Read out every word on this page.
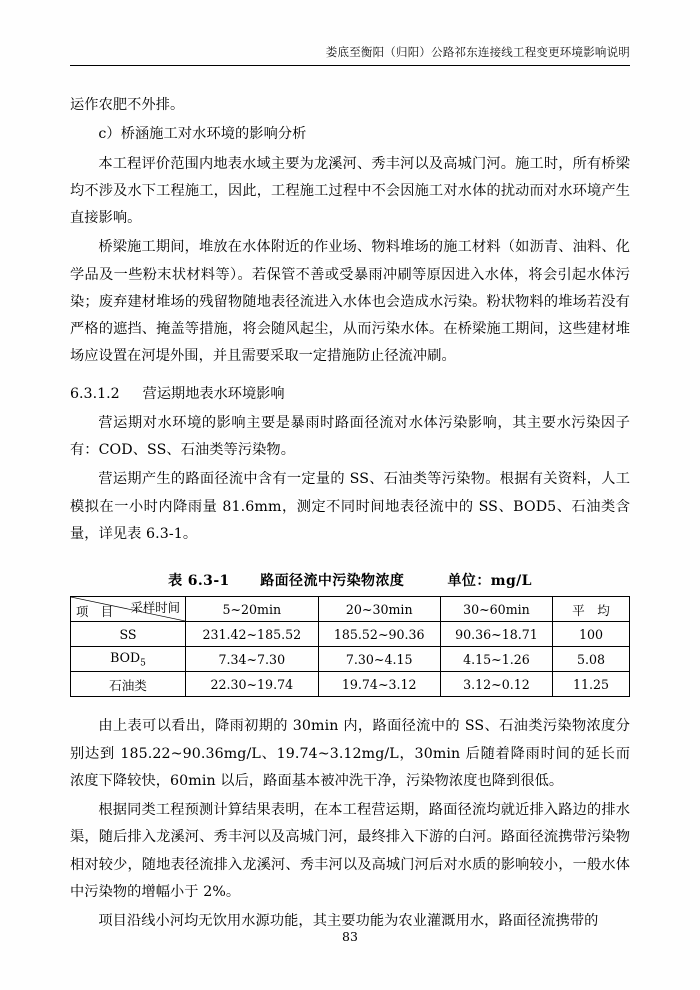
娄底至衡阳（归阳）公路祁东连接线工程变更环境影响说明

运作农肥不外排。

c）桥涵施工对水环境的影响分析

本工程评价范围内地表水域主要为龙溪河、秀丰河以及高城门河。施工时，所有桥梁均不涉及水下工程施工，因此，工程施工过程中不会因施工对水体的扰动而对水环境产生直接影响。

桥梁施工期间，堆放在水体附近的作业场、物料堆场的施工材料（如沥青、油料、化学品及一些粉末状材料等）。若保管不善或受暴雨冲刷等原因进入水体，将会引起水体污染；废弃建材堆场的残留物随地表径流进入水体也会造成水污染。粉状物料的堆场若没有严格的遮挡、掩盖等措施，将会随风起尘，从而污染水体。在桥梁施工期间，这些建材堆场应设置在河堤外围，并且需要采取一定措施防止径流冲刷。

6.3.1.2 营运期地表水环境影响

营运期对水环境的影响主要是暴雨时路面径流对水体污染影响，其主要水污染因子有：COD、SS、石油类等污染物。

营运期产生的路面径流中含有一定量的 SS、石油类等污染物。根据有关资料，人工模拟在一小时内降雨量 81.6mm，测定不同时间地表径流中的 SS、BOD5、石油类含量，详见表 6.3-1。

表 6.3-1 路面径流中污染物浓度	单位：mg/L
采样时间
项　目	5~20min	20~30min	30~60min	平　均
SS	231.42~185.52	185.52~90.36	90.36~18.71	100
$BOD_5$	7.34~7.30	7.30~4.15	4.15~1.26	5.08
石油类	22.30~19.74	19.74~3.12	3.12~0.12	11.25

由上表可以看出，降雨初期的 30min 内，路面径流中的 SS、石油类污染物浓度分别达到 185.22~90.36mg/L、19.74~3.12mg/L，30min 后随着降雨时间的延长而浓度下降较快，60min 以后，路面基本被冲洗干净，污染物浓度也降到很低。

根据同类工程预测计算结果表明，在本工程营运期，路面径流均就近排入路边的排水渠，随后排入龙溪河、秀丰河以及高城门河，最终排入下游的白河。路面径流携带污染物相对较少，随地表径流排入龙溪河、秀丰河以及高城门河后对水质的影响较小，一般水体中污染物的增幅小于 2%。

项目沿线小河均无饮用水源功能，其主要功能为农业灌溉用水，路面径流携带的

83
